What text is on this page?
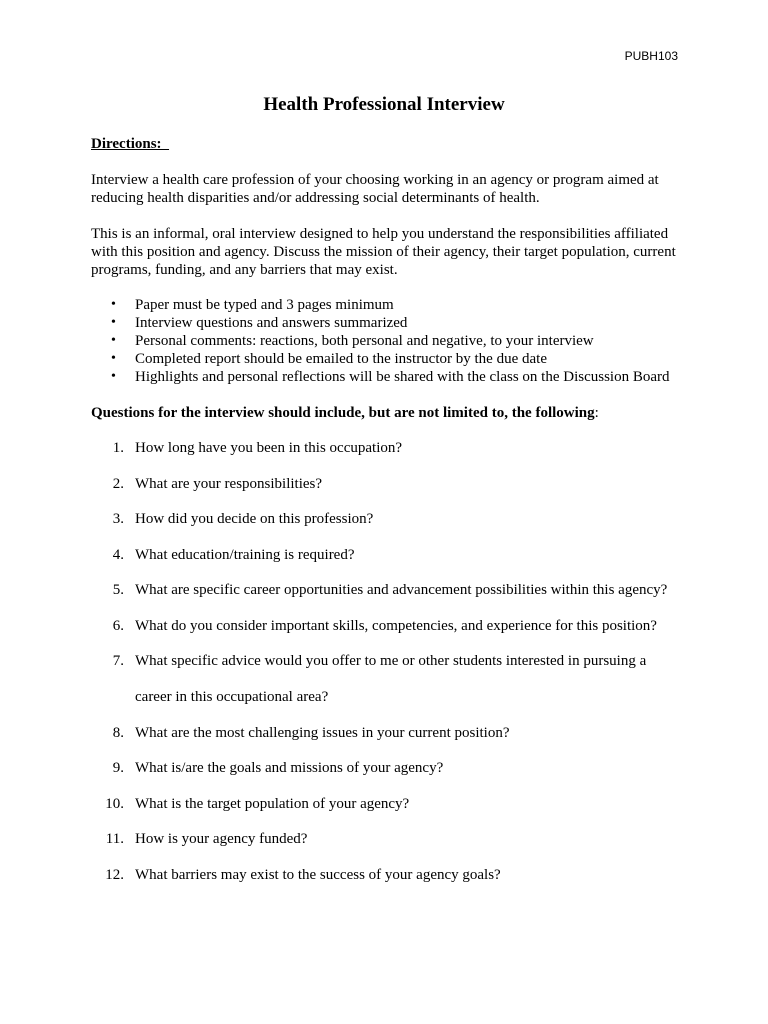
PUBH103
Health Professional Interview

Directions:

Interview a health care profession of your choosing working in an agency or program aimed at reducing health disparities and/or addressing social determinants of health.

This is an informal, oral interview designed to help you understand the responsibilities affiliated with this position and agency. Discuss the mission of their agency, their target population, current programs, funding, and any barriers that may exist.

• Paper must be typed and 3 pages minimum
• Interview questions and answers summarized
• Personal comments: reactions, both personal and negative, to your interview
• Completed report should be emailed to the instructor by the due date
• Highlights and personal reflections will be shared with the class on the Discussion Board

Questions for the interview should include, but are not limited to, the following:

1. How long have you been in this occupation?
2. What are your responsibilities?
3. How did you decide on this profession?
4. What education/training is required?
5. What are specific career opportunities and advancement possibilities within this agency?
6. What do you consider important skills, competencies, and experience for this position?
7. What specific advice would you offer to me or other students interested in pursuing a
career in this occupational area?
8. What are the most challenging issues in your current position?
9. What is/are the goals and missions of your agency?
10. What is the target population of your agency?
11. How is your agency funded?
12. What barriers may exist to the success of your agency goals?
